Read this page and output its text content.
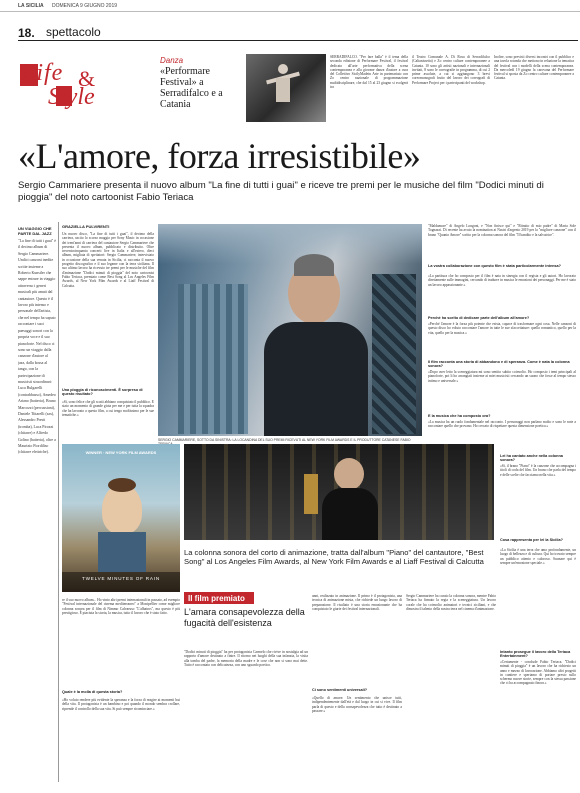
LA SICILIA DOMENICA 9 GIUGNO 2019
18. spettacolo
Life &
Style
Danza
«Performare Festival» a Serradifalco e a Catania
SERRADIFALCO. "Per fare balla" è il tema della seconda edizione di Performare Festival, il festival dedicato all'arte performativa della scena contemporanea e alla giovane danza d'autore a cura del Collettivo SicilyMadein Arte in partenariato con Zo centro nazionale di programmazione multidisciplinare, che dal 15 al 23 giugno si svolgerà tra
il Teatro Comunale A. Di Rosa di Serradifalco (Caltanissetta) e Zo centro culture contemporanee a Catania. 10 sono gli artisti nazionali e internazionali invitati, 8 sono le coreografie in programma, di cui 2 prime assolute, a cui si aggiungono 3 brevi coreomonografi frutto del lavoro dei coreografi di Performare Project per i partecipanti del workshop.
Inoltre, sono previsti diversi incontri con il pubblico e una tavola rotonda che mettono in relazione la tematica del festival con i modelli della scena contemporanea. Da mercoledì 19 giugno la carovana del Performare festival si sposta da Zo centro culture contemporanee a Catania.
«L'amore, forza irresistibile»
Sergio Cammariere presenta il nuovo album "La fine di tutti i guai" e riceve tre premi per le musiche del film "Dodici minuti di pioggia" del noto cartoonist Fabio Teriaca
UN VIAGGIO CHE PARTE DAL JAZZ
"La fine di tutti i guai" è il decimo album di Sergio Cammariere. Undici canzoni inedite scritte insieme a Roberto Kunstler che sappe entrare in viaggio attraverso i generi musicali più amati dal cantautore. Questo è il lavoro più intenso e personale dell'artista, che nel tempo ha saputo raccontare i suoi paesaggi sonori con la propria voce e il suo pianoforte. Nel disco ci sono un viaggio dalla canzone d'autore al jazz, dalla bossa al tango, con la partecipazione di musicisti straordinari: Luca Bulgarelli (contrabbasso), Amedeo Ariano (batteria), Bruno Marcozzi (percussioni), Daniele Tittarelli (sax), Alessandro Presti (tromba), Luca Pirozzi (chitarre) e Alfredo Golino (batteria), oltre a Maurizio Fiordiliso (chitarre elettriche).
GRAZIELLA PULVIRENTI
Un nuovo disco, "La fine di tutti i guai", il decimo della carriera, uscito lo scorso maggio per Sony Music in occasione dei trent'anni di carriera del cantautore Sergio Cammariere che presenta il nuovo album, pubblicato e distribuito. Oltre trecentocinquanta concerti live in Italia e all'estero, dieci album, migliaia di spettatori: Sergio Cammariere, intervistato in occasione della sua venuta in Sicilia, ci racconta il nuovo progetto discografico e il suo legame con la terra siciliana. Il suo ultimo lavoro ha ricevuto tre premi per le musiche del film d'animazione "Dodici minuti di pioggia" del noto cartoonist Fabio Teriaca, premiato come Best Song al Los Angeles Film Awards, al New York Film Awards e al Liaff Festival di Calcutta.
Una pioggia di riconoscimenti. È sorpreso di questo risultato?
«Sì, sono felice che gli scatti abbiano conquistato il pubblico. È stato un momento di grande gioia per me e per tutta la squadra che ha lavorato a questo film, a cui tengo moltissimo per le sue tematiche.»
SERGIO CAMMARIERE, SOTTO DA SINISTRA: LA LOCANDINA DEL SUO PREMI RICEVUTI AL NEW YORK FILM AWARDS E IL PRODUTTORE CATANESE FABIO
"Maldamore" di Angelo Longoni, e "Non finisce qui" e "Ritratto di mio padre" di Maria Sole Tognazzi. Di recente ha avuto la nomination ai Nastri d'argento 2019 per la "migliore canzone" con il brano "Quanto Amore" scritto per la colonna sonora del film "Il bandito e la salvatrice".
La vostra collaborazione con questo film è stata particolarmente intensa?
«La partitura che ho composto per il film è nata in sinergia con il regista e gli autori. Ho lavorato direttamente sulle immagini, cercando di tradurre in musica le emozioni dei personaggi. Per me è stato un lavoro appassionante.»
Perché ha scelto di dedicare parte dell'album all'amore?
«Perché l'amore è la forza più potente che esista, capace di trasformare ogni cosa. Nelle canzoni di questo disco ho voluto raccontare l'amore in tutte le sue sfaccettature: quello romantico, quello per la vita, quello per la musica.»
Il film racconta una storia di abbandono e di speranza. Come è nata la colonna sonora?
«Dopo aver letto la sceneggiatura mi sono sentito subito coinvolto. Ho composto i temi principali al pianoforte, poi li ho arrangiati insieme ai miei musicisti cercando un suono che fosse al tempo stesso intimo e universale.»
E la musica che ha composto ora?
«La musica ha un ruolo fondamentale nel racconto. I personaggi non parlano molto e sono le note a raccontare quello che provano. Ho cercato di rispettare questa dimensione poetica.»
Lei ha cantato anche nella colonna sonora?
«Sì, il brano "Piano" è la canzone che accompagna i titoli di coda del film. Un brano che parla del tempo e delle scelte che facciamo nella vita.»
Cosa rappresenta per lei la Sicilia?
«La Sicilia è una terra che amo profondamente, un luogo di bellezza e di cultura. Qui ho trovato sempre un pubblico attento e caloroso. Suonare qui è sempre un'emozione speciale.»
Intanto prosegue il lavoro della Teriaca Entertainment?
«Certamente - conclude Fabio Teriaca. "Dodici minuti di pioggia" è un lavoro che ha richiesto un anno e mezzo di lavorazione. Abbiamo altri progetti in cantiere e speriamo di portare presto sullo schermo nuove storie, sempre con la stessa passione che ci ha accompagnato finora.»
WINNER · NEW YORK FILM AWARDS
TWELVE MINUTES OF RAIN
La colonna sonora del corto di animazione, tratta dall'album "Piano" del cantautore, "Best Song" al Los Angeles Film Awards, al New York Film Awards e al Liaff Festival di Calcutta
re il suo nuovo album... Ho vinto altri premi internazionali in passato, ad esempio "Festival internazionale del cinema mediterraneo" a Montpellier come migliore colonna sonora per il film di Nimmo Calvaruso "L'albatros", ma questo è più prestigioso. È piaciuta la storia, la musica, tutto il lavoro che è stato fatto.
Quale è la molla di questa storia?
«Ho voluto rendere più evidente la speranza e la forza di reagire ai momenti bui della vita. Il protagonista è un bambino e poi quando il mondo sembra crollare, riprende il controllo della sua vita. Si può sempre ricominciare.»
Il film premiato
L'amara consapevolezza della fugacità dell'esistenza
"Dodici minuti di pioggia" ha per protagonista Carmelo che rivive in nostalgia ad un rapporto d'amore destinato a finire. Il ritorno nei luoghi della sua infanzia, la visita alla tomba del padre, la memoria della madre e le cose che non si sono mai dette. Tutto è raccontato con delicatezza, con uno sguardo poetico.
anni, realizzato in animazione. Il primo è il protagonista, una tecnica di animazione mista, che richiede un lungo lavoro di preparazione. Il risultato è una storia emozionante che ha conquistato le giurie dei festival internazionali.
Ci sono sentimenti universali?
«Quello di amore. Un sentimento che unisce tutti, indipendentemente dall'età e dal luogo in cui si vive. Il film parla di questo e della consapevolezza che tutto è destinato a passare.»
Sergio Cammariere ha curato la colonna sonora, mentre Fabio Teriaca ha firmato la regia e la sceneggiatura. Un lavoro corale che ha coinvolto animatori e tecnici siciliani, e che dimostra il talento della nostra terra nel cinema d'animazione.
